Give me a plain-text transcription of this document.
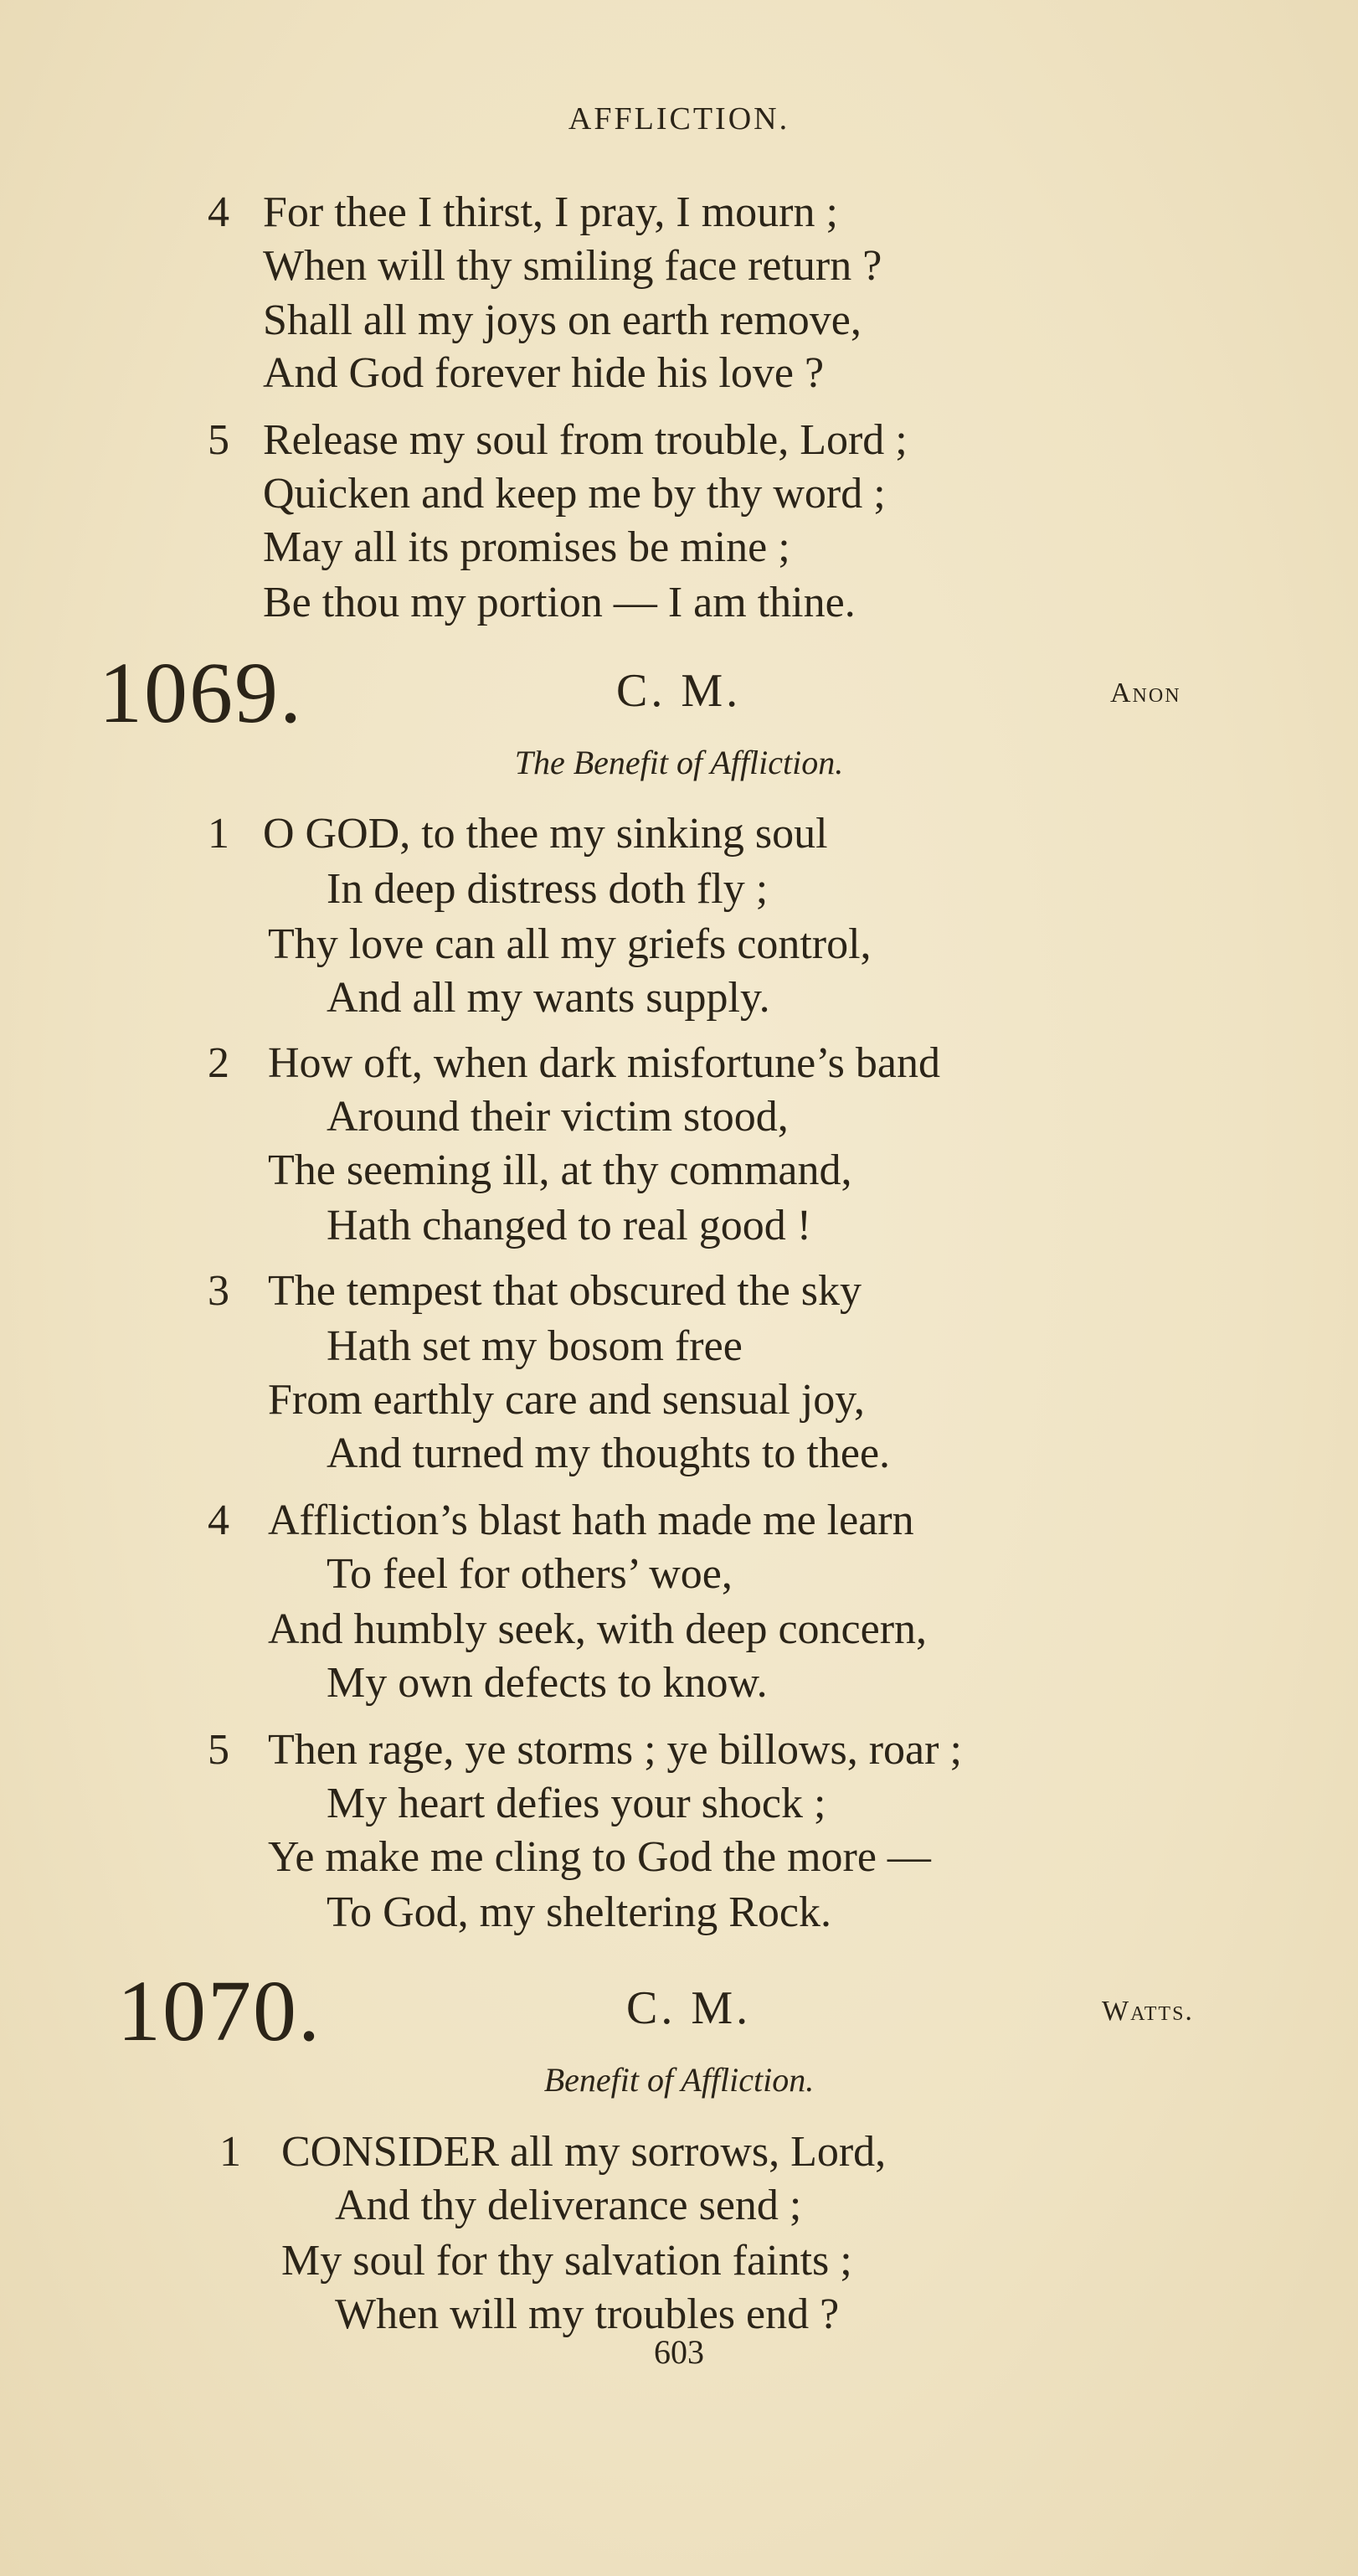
AFFLICTION.
4 For thee I thirst, I pray, I mourn ;
When will thy smiling face return ?
Shall all my joys on earth remove,
And God forever hide his love ?
5 Release my soul from trouble, Lord ;
Quicken and keep me by thy word ;
May all its promises be mine ;
Be thou my portion — I am thine.
1069.	C. M.	Anon
The Benefit of Affliction.
1 O GOD, to thee my sinking soul
In deep distress doth fly ;
Thy love can all my griefs control,
And all my wants supply.
2 How oft, when dark misfortune’s band
Around their victim stood,
The seeming ill, at thy command,
Hath changed to real good !
3 The tempest that obscured the sky
Hath set my bosom free
From earthly care and sensual joy,
And turned my thoughts to thee.
4 Affliction’s blast hath made me learn
To feel for others’ woe,
And humbly seek, with deep concern,
My own defects to know.
5 Then rage, ye storms ; ye billows, roar ;
My heart defies your shock ;
Ye make me cling to God the more —
To God, my sheltering Rock.
1070.	C. M.	Watts.
Benefit of Affliction.
1 CONSIDER all my sorrows, Lord,
And thy deliverance send ;
My soul for thy salvation faints ;
When will my troubles end ?
603
